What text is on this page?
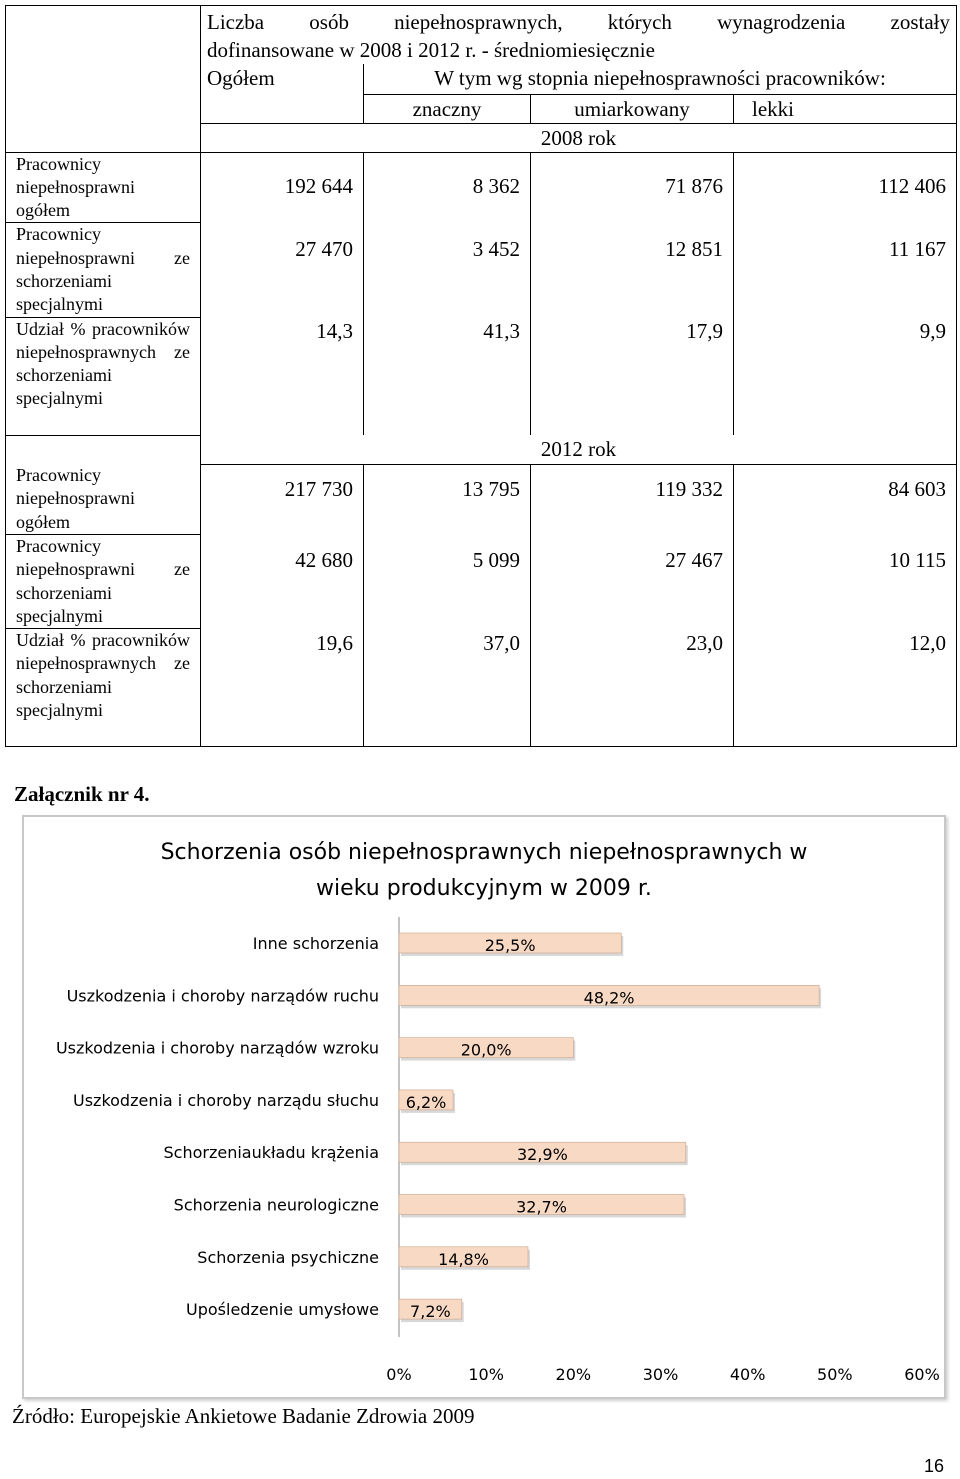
	Liczba osób niepełnosprawnych, których wynagrodzenia zostały
dofinansowane w 2008 i 2012 r. - średniomiesięcznie			

	Ogółem	W tym wg stopnia niepełnosprawności pracowników:		
		znaczny	umiarkowany	lekki
	2008 rok			
Pracownicy niepełnosprawni ogółem	192 644	8 362	71 876	112 406
Pracownicy niepełnosprawni ze schorzeniami specjalnymi	27 470	3 452	12 851	11 167
Udział % pracowników niepełnosprawnych ze schorzeniami specjalnymi	14,3	41,3	17,9	9,9
	2012 rok			
Pracownicy niepełnosprawni ogółem	217 730	13 795	119 332	84 603
Pracownicy niepełnosprawni ze schorzeniami specjalnymi	42 680	5 099	27 467	10 115
Udział % pracowników niepełnosprawnych ze schorzeniami specjalnymi	19,6	37,0	23,0	12,0
Załącznik nr 4.
Schorzenia osób niepełnosprawnych niepełnosprawnych w
wieku produkcyjnym w 2009 r.
Inne schorzenia	25,5%
Uszkodzenia i choroby narządów ruchu	48,2%
Uszkodzenia i choroby narządów wzroku	20,0%
Uszkodzenia i choroby narządu słuchu 6,2%
Schorzeniaukładu krążenia	32,9%
Schorzenia neurologiczne	32,7%
Schorzenia psychiczne	14,8%
Upośledzenie umysłowe 7,2%
0%	10%	20%	30%	40%	50%	60%
Źródło: Europejskie Ankietowe Badanie Zdrowia 2009
16
